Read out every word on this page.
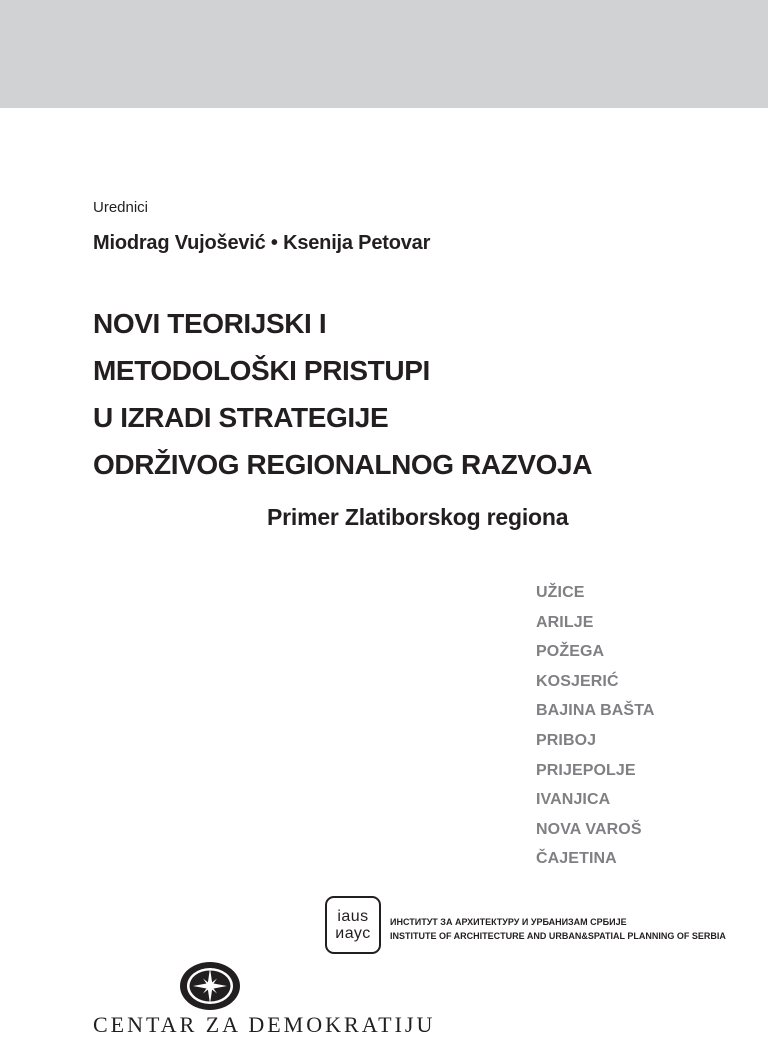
Urednici
Miodrag Vujošević • Ksenija Petovar
NOVI TEORIJSKI I
METODOLOŠKI PRISTUPI
U IZRADI STRATEGIJE
ODRŽIVOG REGIONALNOG RAZVOJA
Primer Zlatiborskog regiona
UŽICE
ARILJE
POŽEGA
KOSJERIĆ
BAJINA BAŠTA
PRIBOJ
PRIJEPOLJE
IVANJICA
NOVA VAROŠ
ČAJETINA
iaus
иаус
ИНСТИТУТ ЗА АРХИТЕКТУРУ И УРБАНИЗАМ СРБИЈЕ
INSTITUTE OF ARCHITECTURE AND URBAN&SPATIAL PLANNING OF SERBIA
CENTAR ZA DEMOKRATIJU
